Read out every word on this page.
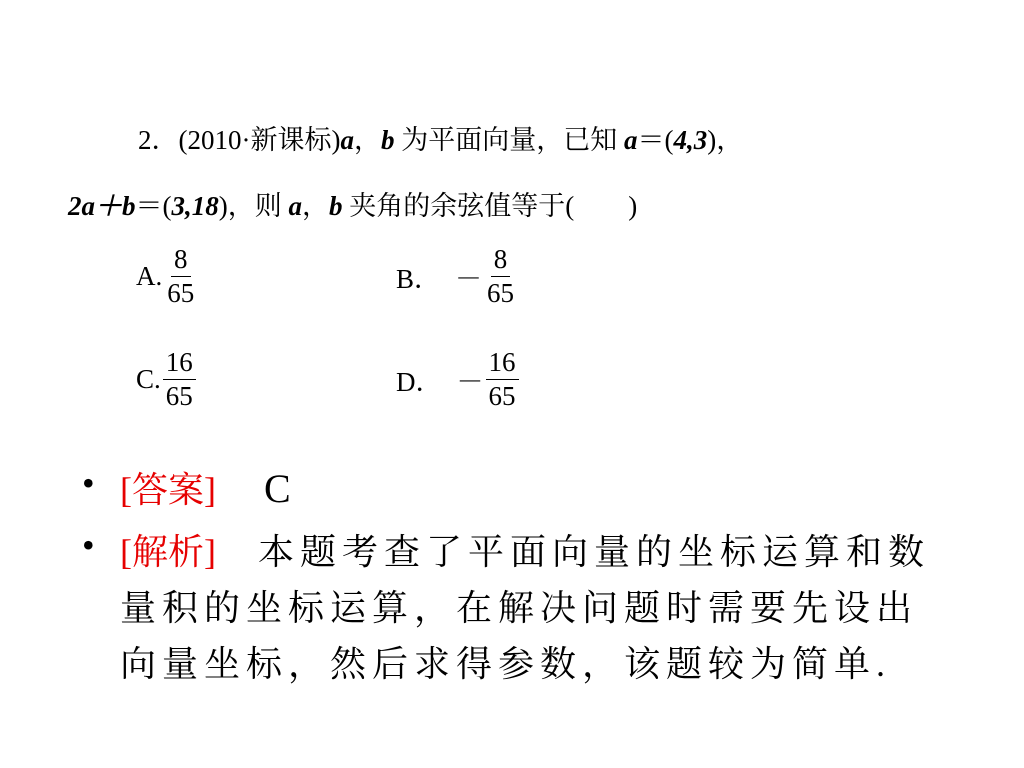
2．(2010·新课标)a，b 为平面向量，已知 a＝(4,3)，
2a＋b＝(3,18)，则 a，b 夹角的余弦值等于(　　)
A. $\frac{8}{65}$	B． － $\frac{8}{65}$
C. $\frac{16}{65}$	D． － $\frac{16}{65}$
• [答案] C
• [解析]　本题考查了平面向量的坐标运算和数量积的坐标运算，在解决问题时需要先设出向量坐标，然后求得参数，该题较为简单.
